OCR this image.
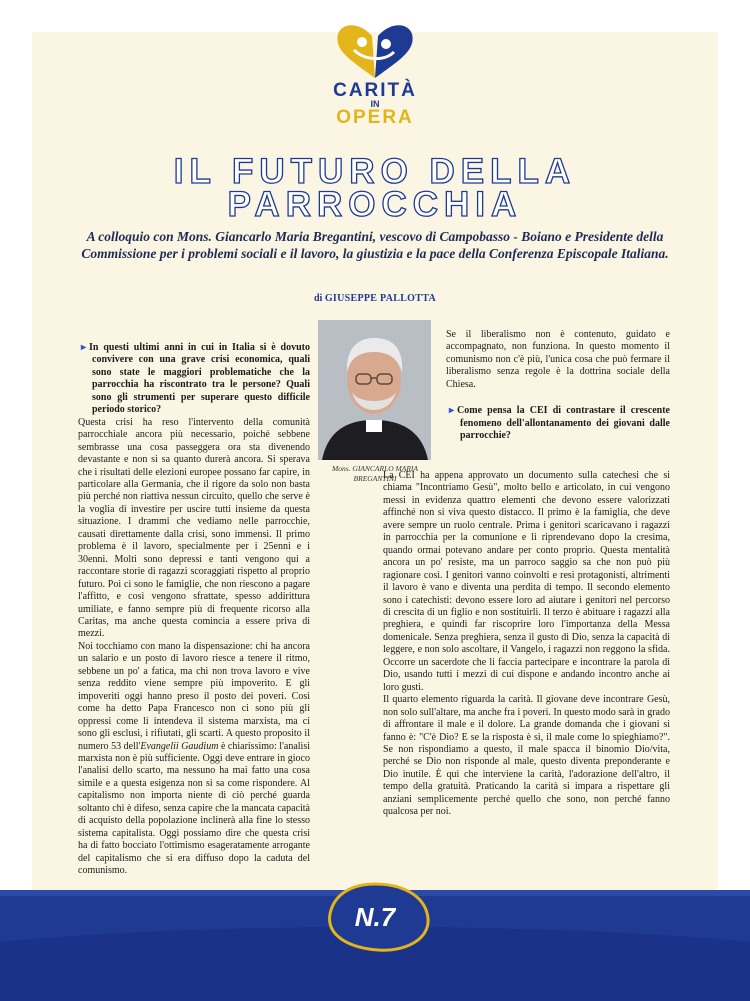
CARITÀ
IN
OPERA
IL FUTURO DELLA
PARROCCHIA
A colloquio con Mons. Giancarlo Maria Bregantini, vescovo di Campobasso - Boiano e Presidente della Commissione per i problemi sociali e il lavoro, la giustizia e la pace della Conferenza Episcopale Italiana.
di GIUSEPPE PALLOTTA
Mons. GIANCARLO MARIA
BREGANTINI

▸ In questi ultimi anni in cui in Italia si è dovuto convivere con una grave crisi economica, quali sono state le maggiori problematiche che la parrocchia ha riscontrato tra le persone? Quali sono gli strumenti per superare questo difficile periodo storico?

Questa crisi ha reso l'intervento della comunità parrocchiale ancora più necessario, poiché sebbene sembrasse una cosa passeggera ora sta divenendo devastante e non si sa quanto durerà ancora. Si sperava che i risultati delle elezioni europee possano far capire, in particolare alla Germania, che il rigore da solo non basta più perché non riattiva nessun circuito, quello che serve è la voglia di investire per uscire tutti insieme da questa situazione. I drammi che vediamo nelle parrocchie, causati direttamente dalla crisi, sono immensi. Il primo problema è il lavoro, specialmente per i 25enni e i 30enni. Molti sono depressi e tanti vengono qui a raccontare storie di ragazzi scoraggiati rispetto al proprio futuro. Poi ci sono le famiglie, che non riescono a pagare l'affitto, e così vengono sfrattate, spesso addirittura umiliate, e fanno sempre più di frequente ricorso alla Caritas, ma anche questa comincia a essere priva di mezzi.

Noi tocchiamo con mano la dispensazione: chi ha ancora un salario e un posto di lavoro riesce a tenere il ritmo, sebbene un po' a fatica, ma chi non trova lavoro e vive senza reddito viene sempre più impoverito. E gli impoveriti oggi hanno preso il posto dei poveri. Così come ha detto Papa Francesco non ci sono più gli oppressi come li intendeva il sistema marxista, ma ci sono gli esclusi, i rifiutati, gli scarti. A questo proposito il numero 53 dell'Evangelii Gaudium è chiarissimo: l'analisi marxista non è più sufficiente. Oggi deve entrare in gioco l'analisi dello scarto, ma nessuno ha mai fatto una cosa simile e a questa esigenza non si sa come rispondere. Al capitalismo non importa niente di ciò perché guarda soltanto chi è difeso, senza capire che la mancata capacità di acquisto della popolazione inclinerà alla fine lo stesso sistema capitalista. Oggi possiamo dire che questa crisi ha di fatto bocciato l'ottimismo esageratamente arrogante del capitalismo che si era diffuso dopo la caduta del comunismo.

Se il liberalismo non è contenuto, guidato e accompagnato, non funziona. In questo momento il comunismo non c'è più, l'unica cosa che può fermare il liberalismo senza regole è la dottrina sociale della Chiesa.

▸ Come pensa la CEI di contrastare il crescente fenomeno dell'allontanamento dei giovani dalle parrocchie?

La CEI ha appena approvato un documento sulla catechesi che si chiama "Incontriamo Gesù", molto bello e articolato, in cui vengono messi in evidenza quattro elementi che devono essere valorizzati affinché non si viva questo distacco. Il primo è la famiglia, che deve avere sempre un ruolo centrale. Prima i genitori scaricavano i ragazzi in parrocchia per la comunione e li riprendevano dopo la cresima, quando ormai potevano andare per conto proprio. Questa mentalità ancora un po' resiste, ma un parroco saggio sa che non può più ragionare così. I genitori vanno coinvolti e resi protagonisti, altrimenti il lavoro è vano e diventa una perdita di tempo. Il secondo elemento sono i catechisti: devono essere loro ad aiutare i genitori nel percorso di crescita di un figlio e non sostituirli. Il terzo è abituare i ragazzi alla preghiera, e quindi far riscoprire loro l'importanza della Messa domenicale. Senza preghiera, senza il gusto di Dio, senza la capacità di leggere, e non solo ascoltare, il Vangelo, i ragazzi non reggono la sfida. Occorre un sacerdote che li faccia partecipare e incontrare la parola di Dio, usando tutti i mezzi di cui dispone e andando incontro anche ai loro gusti.

Il quarto elemento riguarda la carità. Il giovane deve incontrare Gesù, non solo sull'altare, ma anche fra i poveri. In questo modo sarà in grado di affrontare il male e il dolore. La grande domanda che i giovani si fanno è: "C'è Dio? E se la risposta è sì, il male come lo spieghiamo?". Se non rispondiamo a questo, il male spacca il binomio Dio/vita, perché se Dio non risponde al male, questo diventa preponderante e Dio inutile. È qui che interviene la carità, l'adorazione dell'altro, il tempo della gratuità. Praticando la carità si impara a rispettare gli anziani semplicemente perché quello che sono, non perché fanno qualcosa per noi.

N.7
